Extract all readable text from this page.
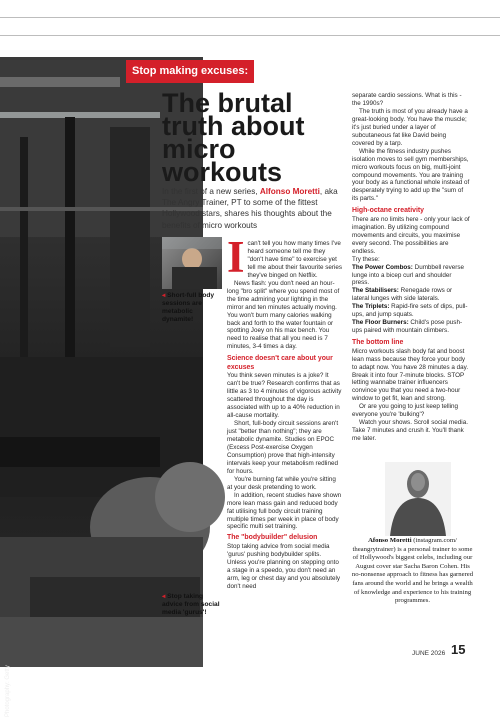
Photography: Getty
Stop making excuses:
The brutal truth about micro workouts

In the first of a new series, Alfonso Moretti, aka The Angry Trainer, PT to some of the fittest Hollywood stars, shares his thoughts about the benefits of micro workouts

◂ Short-full body sessions are metabolic dynamite!
◂ Stop taking advice from social media 'gurus'!

Ican't tell you how many times I've heard someone tell me they "don't have time" to exercise yet tell me about their favourite series they've binged on Netflix.

News flash: you don't need an hour-long "bro split" where you spend most of the time admiring your lighting in the mirror and ten minutes actually moving. You won't burn many calories walking back and forth to the water fountain or spotting Joey on his max bench. You need to realise that all you need is 7 minutes, 3-4 times a day.

Science doesn't care about your excuses

You think seven minutes is a joke? It can't be true? Research confirms that as little as 3 to 4 minutes of vigorous activity scattered throughout the day is associated with up to a 40% reduction in all-cause mortality.

Short, full-body circuit sessions aren't just "better than nothing"; they are metabolic dynamite. Studies on EPOC (Excess Post-exercise Oxygen Consumption) prove that high-intensity intervals keep your metabolism redlined for hours.

You're burning fat while you're sitting at your desk pretending to work.

In addition, recent studies have shown more lean mass gain and reduced body fat utilising full body circuit training multiple times per week in place of body specific multi set training.

The "bodybuilder" delusion

Stop taking advice from social media 'gurus' pushing bodybuilder splits. Unless you're planning on stepping onto a stage in a speedo, you don't need an arm, leg or chest day and you absolutely don't need

separate cardio sessions. What is this - the 1990s?

The truth is most of you already have a great-looking body. You have the muscle; it's just buried under a layer of subcutaneous fat like David being covered by a tarp.

While the fitness industry pushes isolation moves to sell gym memberships, micro workouts focus on big, multi-joint compound movements. You are training your body as a functional whole instead of desperately trying to add up the "sum of its parts."

High-octane creativity

There are no limits here - only your lack of imagination. By utilizing compound movements and circuits, you maximise every second. The possibilities are endless.

Try these:

The Power Combos: Dumbbell reverse lunge into a bicep curl and shoulder press.

The Stabilisers: Renegade rows or lateral lunges with side laterals.

The Triplets: Rapid-fire sets of dips, pull-ups, and jump squats.

The Floor Burners: Child's pose push-ups paired with mountain climbers.

The bottom line

Micro workouts slash body fat and boost lean mass because they force your body to adapt now. You have 28 minutes a day. Break it into four 7-minute blocks. STOP letting wannabe trainer influencers convince you that you need a two-hour window to get fit, lean and strong.

Or are you going to just keep telling everyone you're 'bulking'?

Watch your shows. Scroll social media. Take 7 minutes and crush it. You'll thank me later.

Afonso Moretti (instagram.com/ theangrytrainer) is a personal trainer to some of Hollywood's biggest celebs, including our August cover star Sacha Baron Cohen. His no-nonsense approach to fitness has garnered fans around the world and he brings a wealth of knowledge and experience to his training programmes.

JUNE 2026 15
